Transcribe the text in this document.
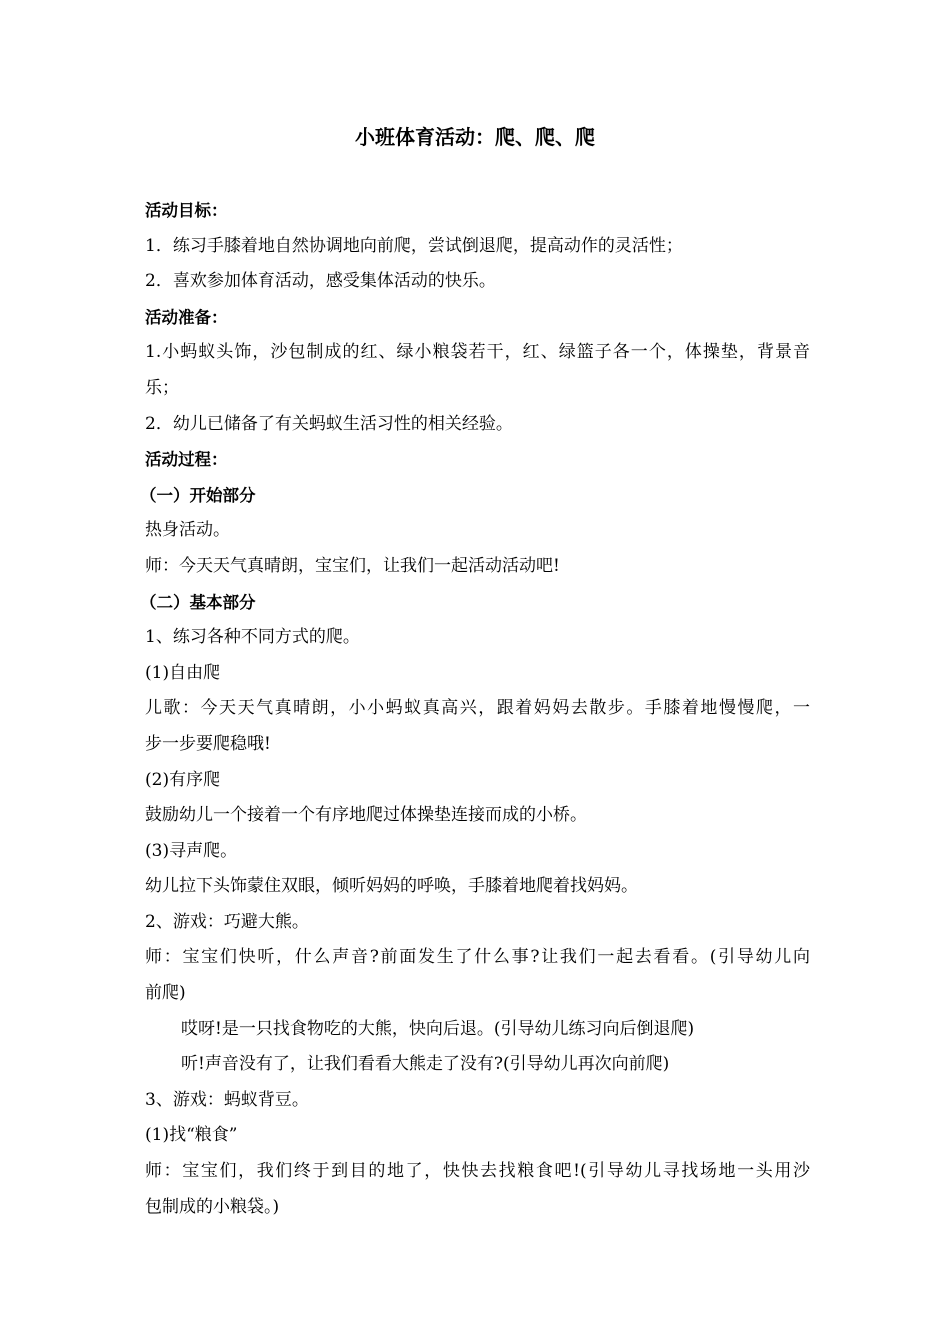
小班体育活动：爬、爬、爬
活动目标：
1．练习手膝着地自然协调地向前爬，尝试倒退爬，提高动作的灵活性；
2．喜欢参加体育活动，感受集体活动的快乐。
活动准备：
1.小蚂蚁头饰，沙包制成的红、绿小粮袋若干，红、绿篮子各一个，体操垫，背景音
乐；
2．幼儿已储备了有关蚂蚁生活习性的相关经验。
活动过程：
（一）开始部分
热身活动。
师：今天天气真晴朗，宝宝们，让我们一起活动活动吧!
（二）基本部分
1、练习各种不同方式的爬。
(1)自由爬
儿歌：今天天气真晴朗，小小蚂蚁真高兴，跟着妈妈去散步。手膝着地慢慢爬，一
步一步要爬稳哦!
(2)有序爬
鼓励幼儿一个接着一个有序地爬过体操垫连接而成的小桥。
(3)寻声爬。
幼儿拉下头饰蒙住双眼，倾听妈妈的呼唤，手膝着地爬着找妈妈。
2、游戏：巧避大熊。
师：宝宝们快听，什么声音?前面发生了什么事?让我们一起去看看。(引导幼儿向
前爬)
哎呀!是一只找食物吃的大熊，快向后退。(引导幼儿练习向后倒退爬)
听!声音没有了，让我们看看大熊走了没有?(引导幼儿再次向前爬)
3、游戏：蚂蚁背豆。
(1)找“粮食”
师：宝宝们，我们终于到目的地了，快快去找粮食吧!(引导幼儿寻找场地一头用沙
包制成的小粮袋。)
